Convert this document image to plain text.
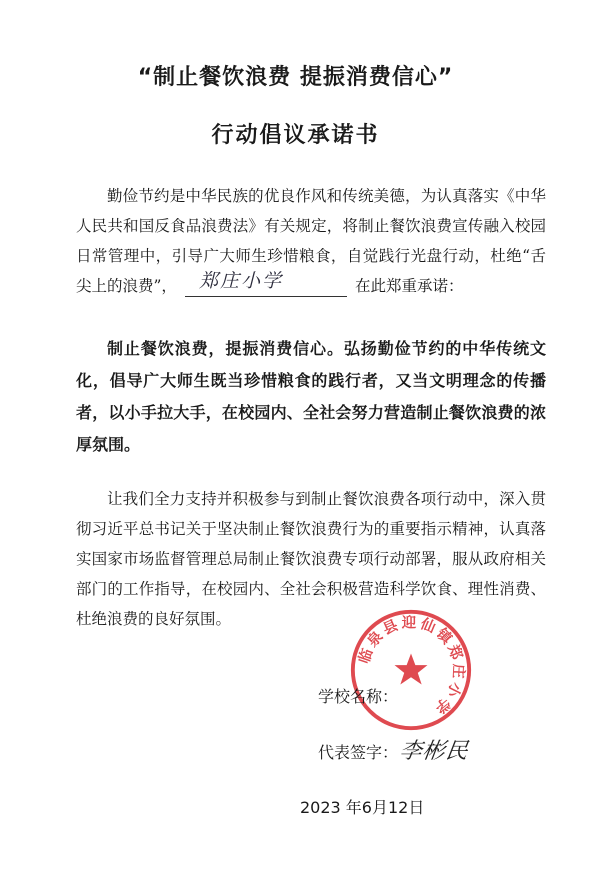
“制止餐饮浪费 提振消费信心”
行动倡议承诺书

勤俭节约是中华民族的优良作风和传统美德，为认真落实《中华人民共和国反食品浪费法》有关规定，将制止餐饮浪费宣传融入校园日常管理中，引导广大师生珍惜粮食，自觉践行光盘行动，杜绝“舌尖上的浪费”， 郑庄小学	在此郑重承诺：

制止餐饮浪费，提振消费信心。弘扬勤俭节约的中华传统文化，倡导广大师生既当珍惜粮食的践行者，又当文明理念的传播者，以小手拉大手，在校园内、全社会努力营造制止餐饮浪费的浓厚氛围。

让我们全力支持并积极参与到制止餐饮浪费各项行动中，深入贯彻习近平总书记关于坚决制止餐饮浪费行为的重要指示精神，认真落实国家市场监督管理总局制止餐饮浪费专项行动部署，服从政府相关部门的工作指导，在校园内、全社会积极营造科学饮食、理性消费、杜绝浪费的良好氛围。

临泉县迎仙镇郑庄小学
学校名称：
代表签字： 李彬民
2023 年6月12日
